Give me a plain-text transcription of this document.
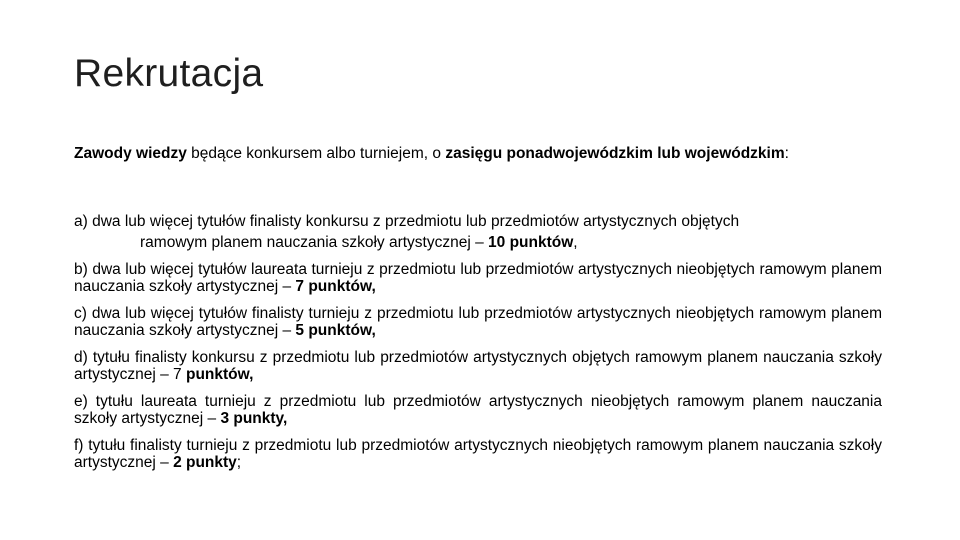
Rekrutacja

Zawody wiedzy będące konkursem albo turniejem, o zasięgu ponadwojewódzkim lub wojewódzkim:

a) dwa lub więcej tytułów finalisty konkursu z przedmiotu lub przedmiotów artystycznych objętych
ramowym planem nauczania szkoły artystycznej – 10 punktów,
b) dwa lub więcej tytułów laureata turnieju z przedmiotu lub przedmiotów artystycznych nieobjętych ramowym planem nauczania szkoły artystycznej – 7 punktów,
c) dwa lub więcej tytułów finalisty turnieju z przedmiotu lub przedmiotów artystycznych nieobjętych ramowym planem nauczania szkoły artystycznej – 5 punktów,
d) tytułu finalisty konkursu z przedmiotu lub przedmiotów artystycznych objętych ramowym planem nauczania szkoły artystycznej – 7 punktów,
e) tytułu laureata turnieju z przedmiotu lub przedmiotów artystycznych nieobjętych ramowym planem nauczania szkoły artystycznej – 3 punkty,
f) tytułu finalisty turnieju z przedmiotu lub przedmiotów artystycznych nieobjętych ramowym planem nauczania szkoły artystycznej – 2 punkty;
